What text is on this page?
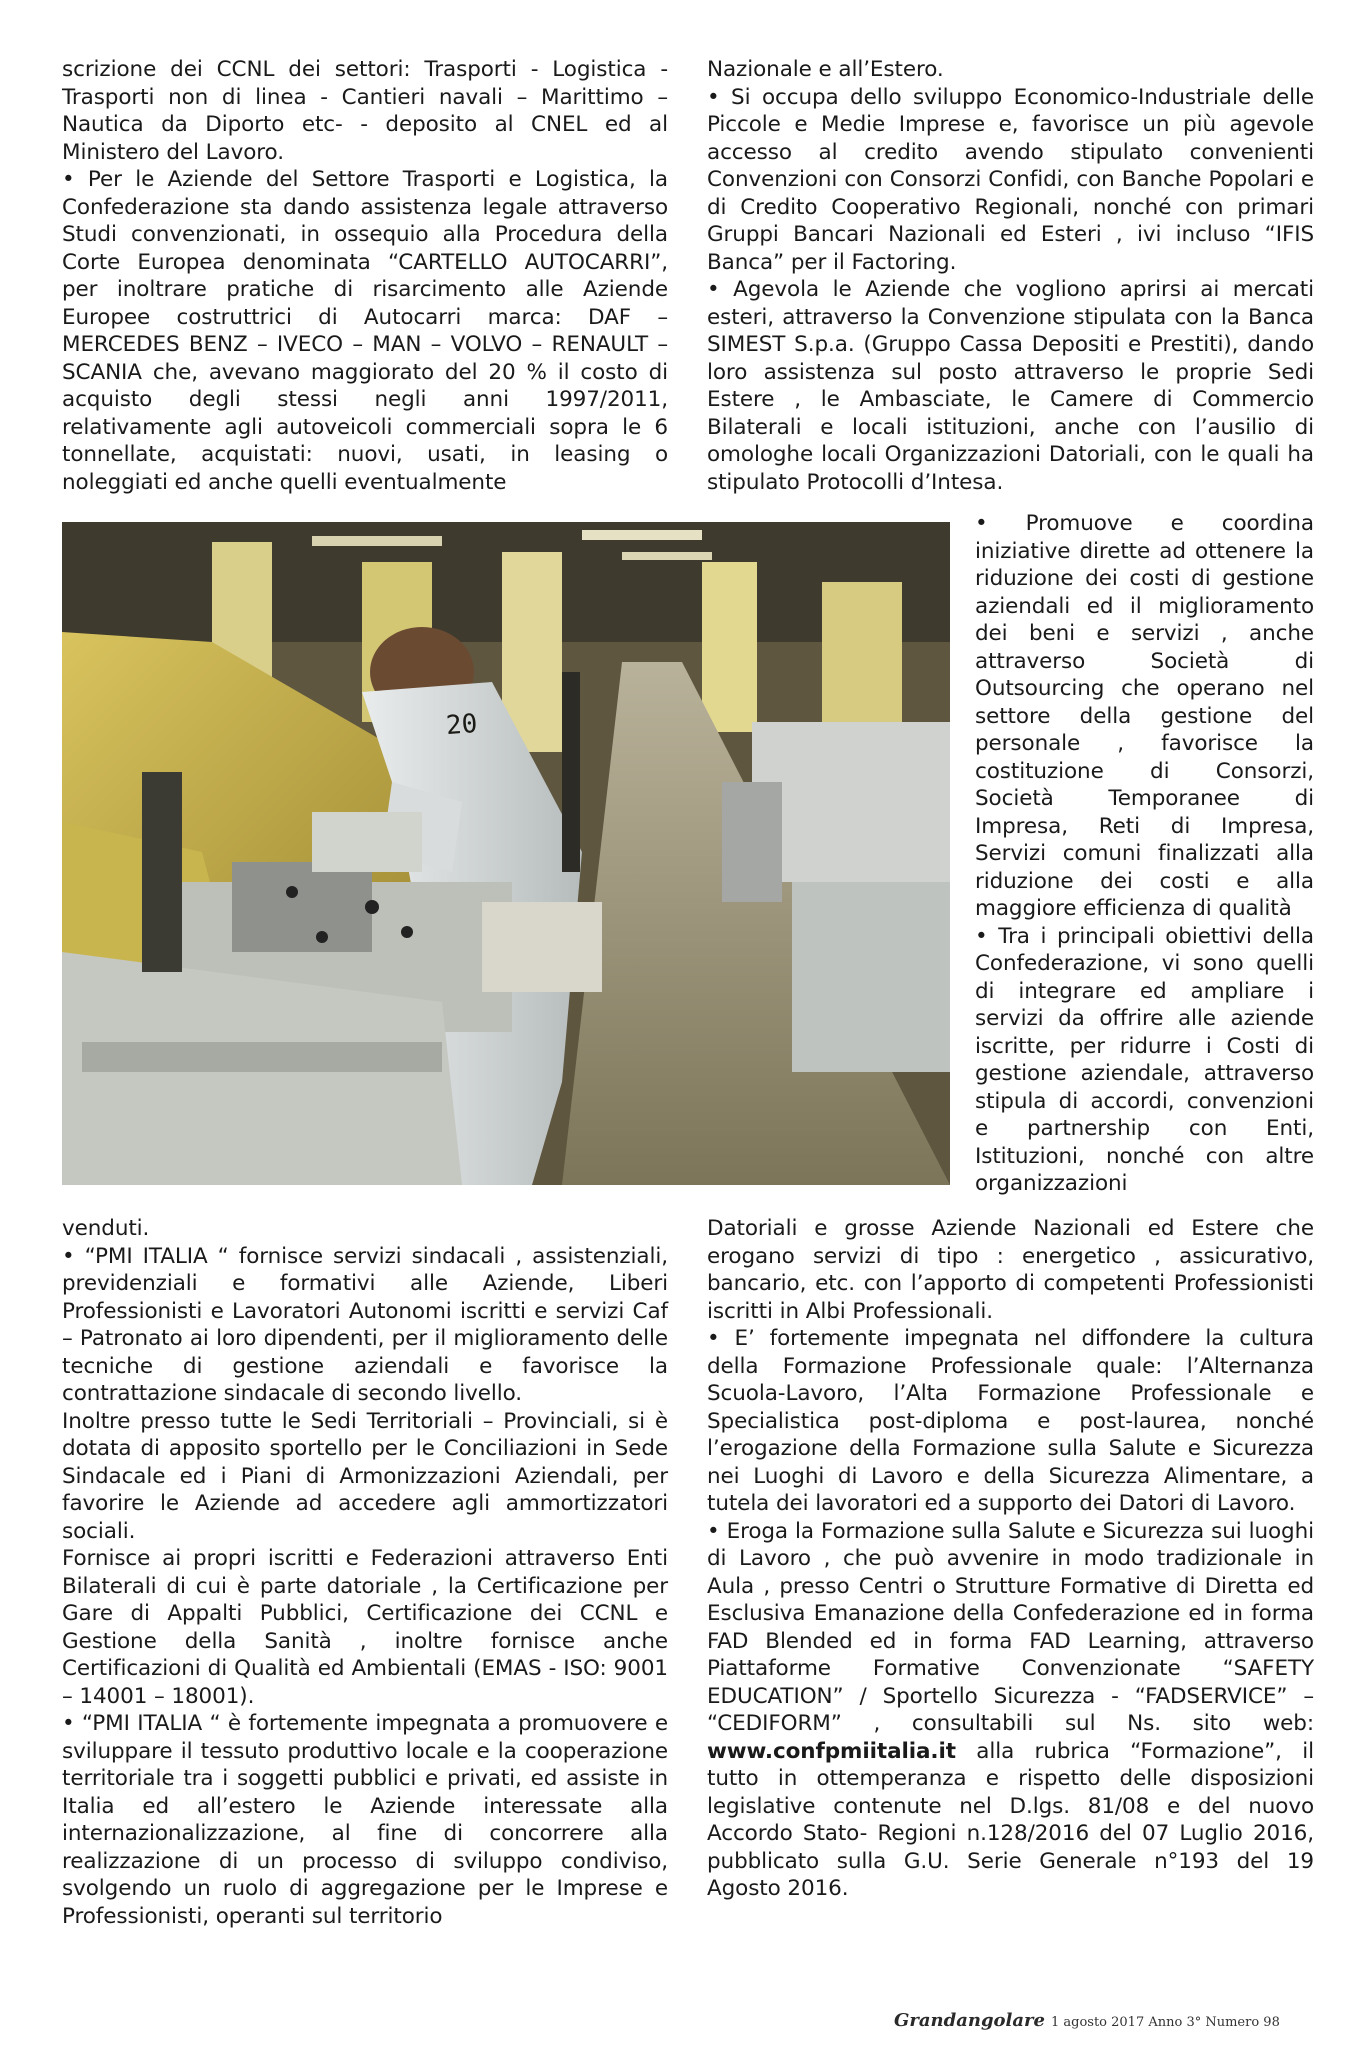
scrizione dei CCNL dei settori: Trasporti - Logistica - Trasporti non di linea - Cantieri navali – Marittimo – Nautica da Diporto etc- - deposito al CNEL ed al Ministero del Lavoro.

• Per le Aziende del Settore Trasporti e Logistica, la Confederazione sta dando assistenza legale attraverso Studi convenzionati, in ossequio alla Procedura della Corte Europea denominata “CARTELLO AUTOCARRI”, per inoltrare pratiche di risarcimento alle Aziende Europee costruttrici di Autocarri marca: DAF – MERCEDES BENZ – IVECO – MAN – VOLVO – RENAULT – SCANIA che, avevano maggiorato del 20 % il costo di acquisto degli stessi negli anni 1997/2011, relativamente agli autoveicoli commerciali sopra le 6 tonnellate, acquistati: nuovi, usati, in leasing o noleggiati ed anche quelli eventualmente

Nazionale e all’Estero.

• Si occupa dello sviluppo Economico-Industriale delle Piccole e Medie Imprese e, favorisce un più agevole accesso al credito avendo stipulato convenienti Convenzioni con Consorzi Confidi, con Banche Popolari e di Credito Cooperativo Regionali, nonché con primari Gruppi Bancari Nazionali ed Esteri , ivi incluso “IFIS Banca” per il Factoring.

• Agevola le Aziende che vogliono aprirsi ai mercati esteri, attraverso la Convenzione stipulata con la Banca SIMEST S.p.a. (Gruppo Cassa Depositi e Prestiti), dando loro assistenza sul posto attraverso le proprie Sedi Estere , le Ambasciate, le Camere di Commercio Bilaterali e locali istituzioni, anche con l’ausilio di omologhe locali Organizzazioni Datoriali, con le quali ha stipulato Protocolli d’Intesa.

20

• Promuove e coordina iniziative dirette ad ottenere la riduzione dei costi di gestione aziendali ed il miglioramento dei beni e servizi , anche attraverso Società di Outsourcing che operano nel settore della gestione del personale , favorisce la costituzione di Consorzi, Società Temporanee di Impresa, Reti di Impresa, Servizi comuni finalizzati alla riduzione dei costi e alla maggiore efficienza di qualità

• Tra i principali obiettivi della Confederazione, vi sono quelli di integrare ed ampliare i servizi da offrire alle aziende iscritte, per ridurre i Costi di gestione aziendale, attraverso stipula di accordi, convenzioni e partnership con Enti, Istituzioni, nonché con altre organizzazioni

venduti.

• “PMI ITALIA “ fornisce servizi sindacali , assistenziali, previdenziali e formativi alle Aziende, Liberi Professionisti e Lavoratori Autonomi iscritti e servizi Caf – Patronato ai loro dipendenti, per il miglioramento delle tecniche di gestione aziendali e favorisce la contrattazione sindacale di secondo livello.

Inoltre presso tutte le Sedi Territoriali – Provinciali, si è dotata di apposito sportello per le Conciliazioni in Sede Sindacale ed i Piani di Armonizzazioni Aziendali, per favorire le Aziende ad accedere agli ammortizzatori sociali.

Fornisce ai propri iscritti e Federazioni attraverso Enti Bilaterali di cui è parte datoriale , la Certificazione per Gare di Appalti Pubblici, Certificazione dei CCNL e Gestione della Sanità , inoltre fornisce anche Certificazioni di Qualità ed Ambientali (EMAS - ISO: 9001 – 14001 – 18001).

• “PMI ITALIA “ è fortemente impegnata a promuovere e sviluppare il tessuto produttivo locale e la cooperazione territoriale tra i soggetti pubblici e privati, ed assiste in Italia ed all’estero le Aziende interessate alla internazionalizzazione, al fine di concorrere alla realizzazione di un processo di sviluppo condiviso, svolgendo un ruolo di aggregazione per le Imprese e Professionisti, operanti sul territorio

Datoriali e grosse Aziende Nazionali ed Estere che erogano servizi di tipo : energetico , assicurativo, bancario, etc. con l’apporto di competenti Professionisti iscritti in Albi Professionali.

• E’ fortemente impegnata nel diffondere la cultura della Formazione Professionale quale: l’Alternanza Scuola-Lavoro, l’Alta Formazione Professionale e Specialistica post-diploma e post-laurea, nonché l’erogazione della Formazione sulla Salute e Sicurezza nei Luoghi di Lavoro e della Sicurezza Alimentare, a tutela dei lavoratori ed a supporto dei Datori di Lavoro.

• Eroga la Formazione sulla Salute e Sicurezza sui luoghi di Lavoro , che può avvenire in modo tradizionale in Aula , presso Centri o Strutture Formative di Diretta ed Esclusiva Emanazione della Confederazione ed in forma FAD Blended ed in forma FAD Learning, attraverso Piattaforme Formative Convenzionate “SAFETY EDUCATION” / Sportello Sicurezza - “FADSERVICE” – “CEDIFORM” , consultabili sul Ns. sito web: www.confpmiitalia.it alla rubrica “Formazione”, il tutto in ottemperanza e rispetto delle disposizioni legislative contenute nel D.lgs. 81/08 e del nuovo Accordo Stato- Regioni n.128/2016 del 07 Luglio 2016, pubblicato sulla G.U. Serie Generale n°193 del 19 Agosto 2016.

Grandangolare 1 agosto 2017 Anno 3° Numero 98
